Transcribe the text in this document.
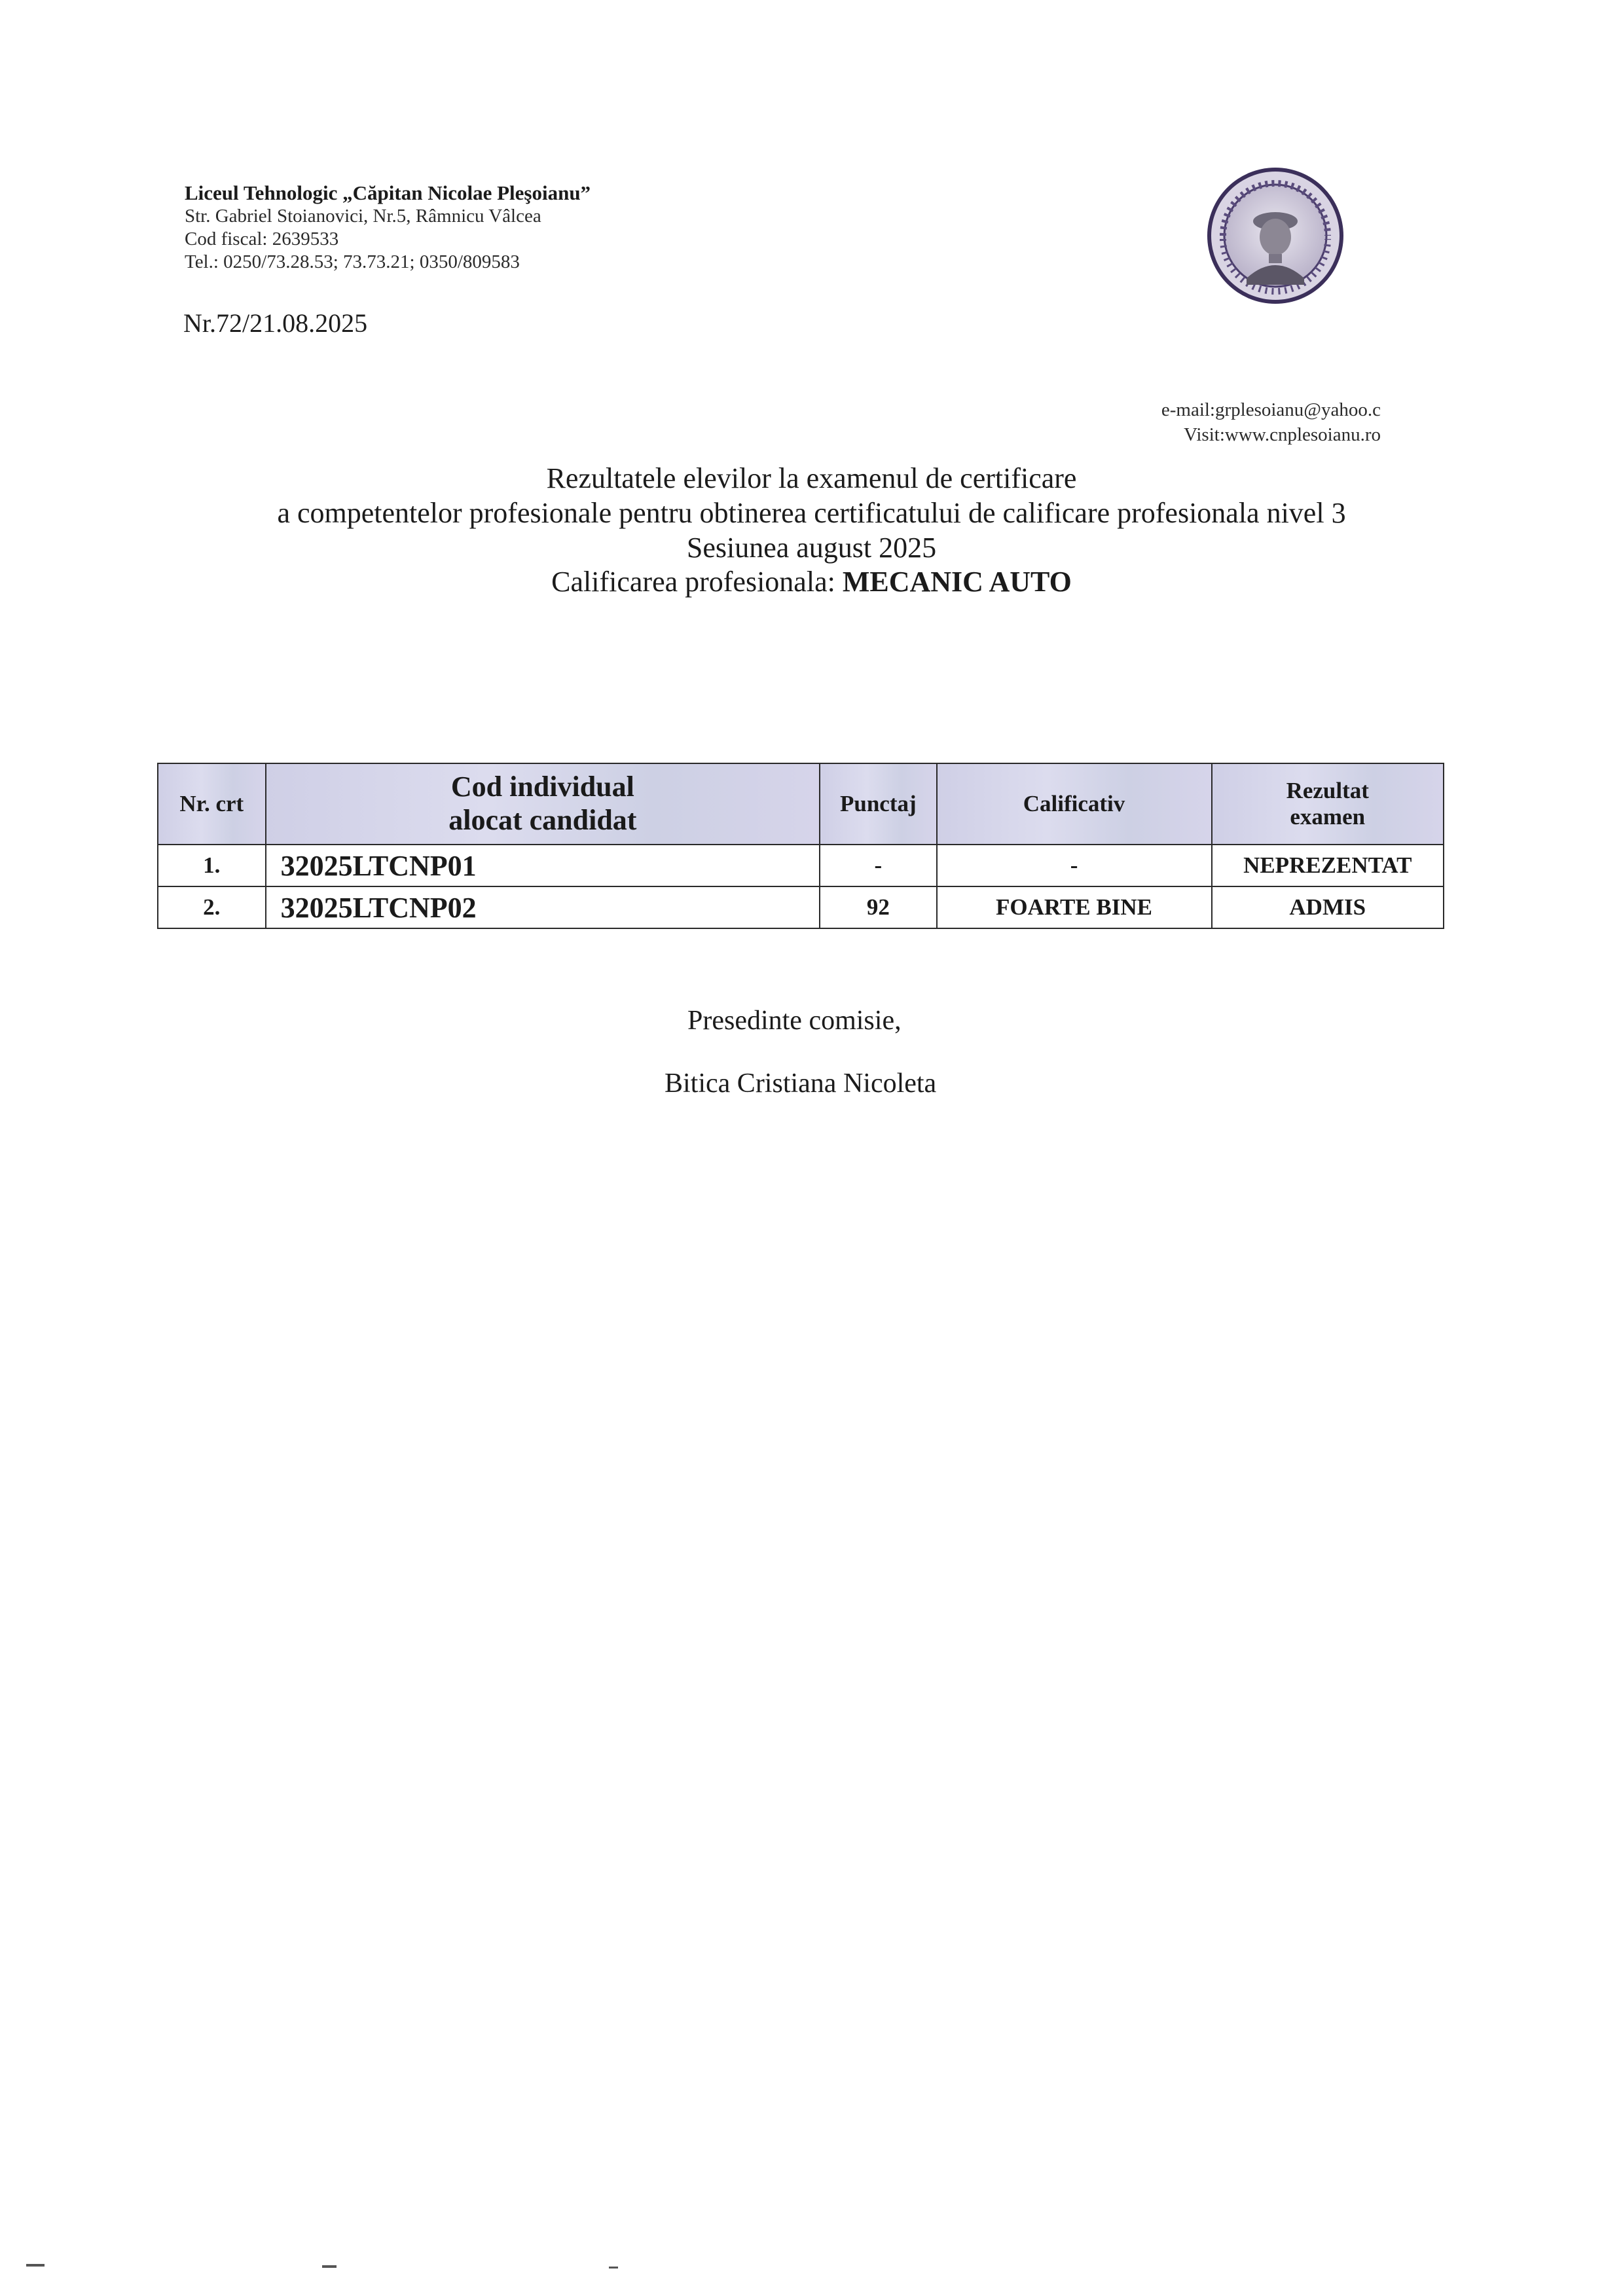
Liceul Tehnologic „Căpitan Nicolae Pleşoianu”
Str. Gabriel Stoianovici, Nr.5, Râmnicu Vâlcea
Cod fiscal: 2639533
Tel.: 0250/73.28.53; 73.73.21; 0350/809583
Nr.72/21.08.2025
e-mail:grplesoianu@yahoo.c
Visit:www.cnplesoianu.ro
Rezultatele elevilor la examenul de certificare
a competentelor profesionale pentru obtinerea certificatului de calificare profesionala nivel 3
Sesiunea august 2025
Calificarea profesionala: MECANIC AUTO
Nr. crt	Cod individual alocat candidat	Punctaj	Calificativ	Rezultat examen
1.	32025LTCNP01	-	-	NEPREZENTAT
2.	32025LTCNP02	92	FOARTE BINE	ADMIS
Presedinte comisie,
Bitica Cristiana Nicoleta
